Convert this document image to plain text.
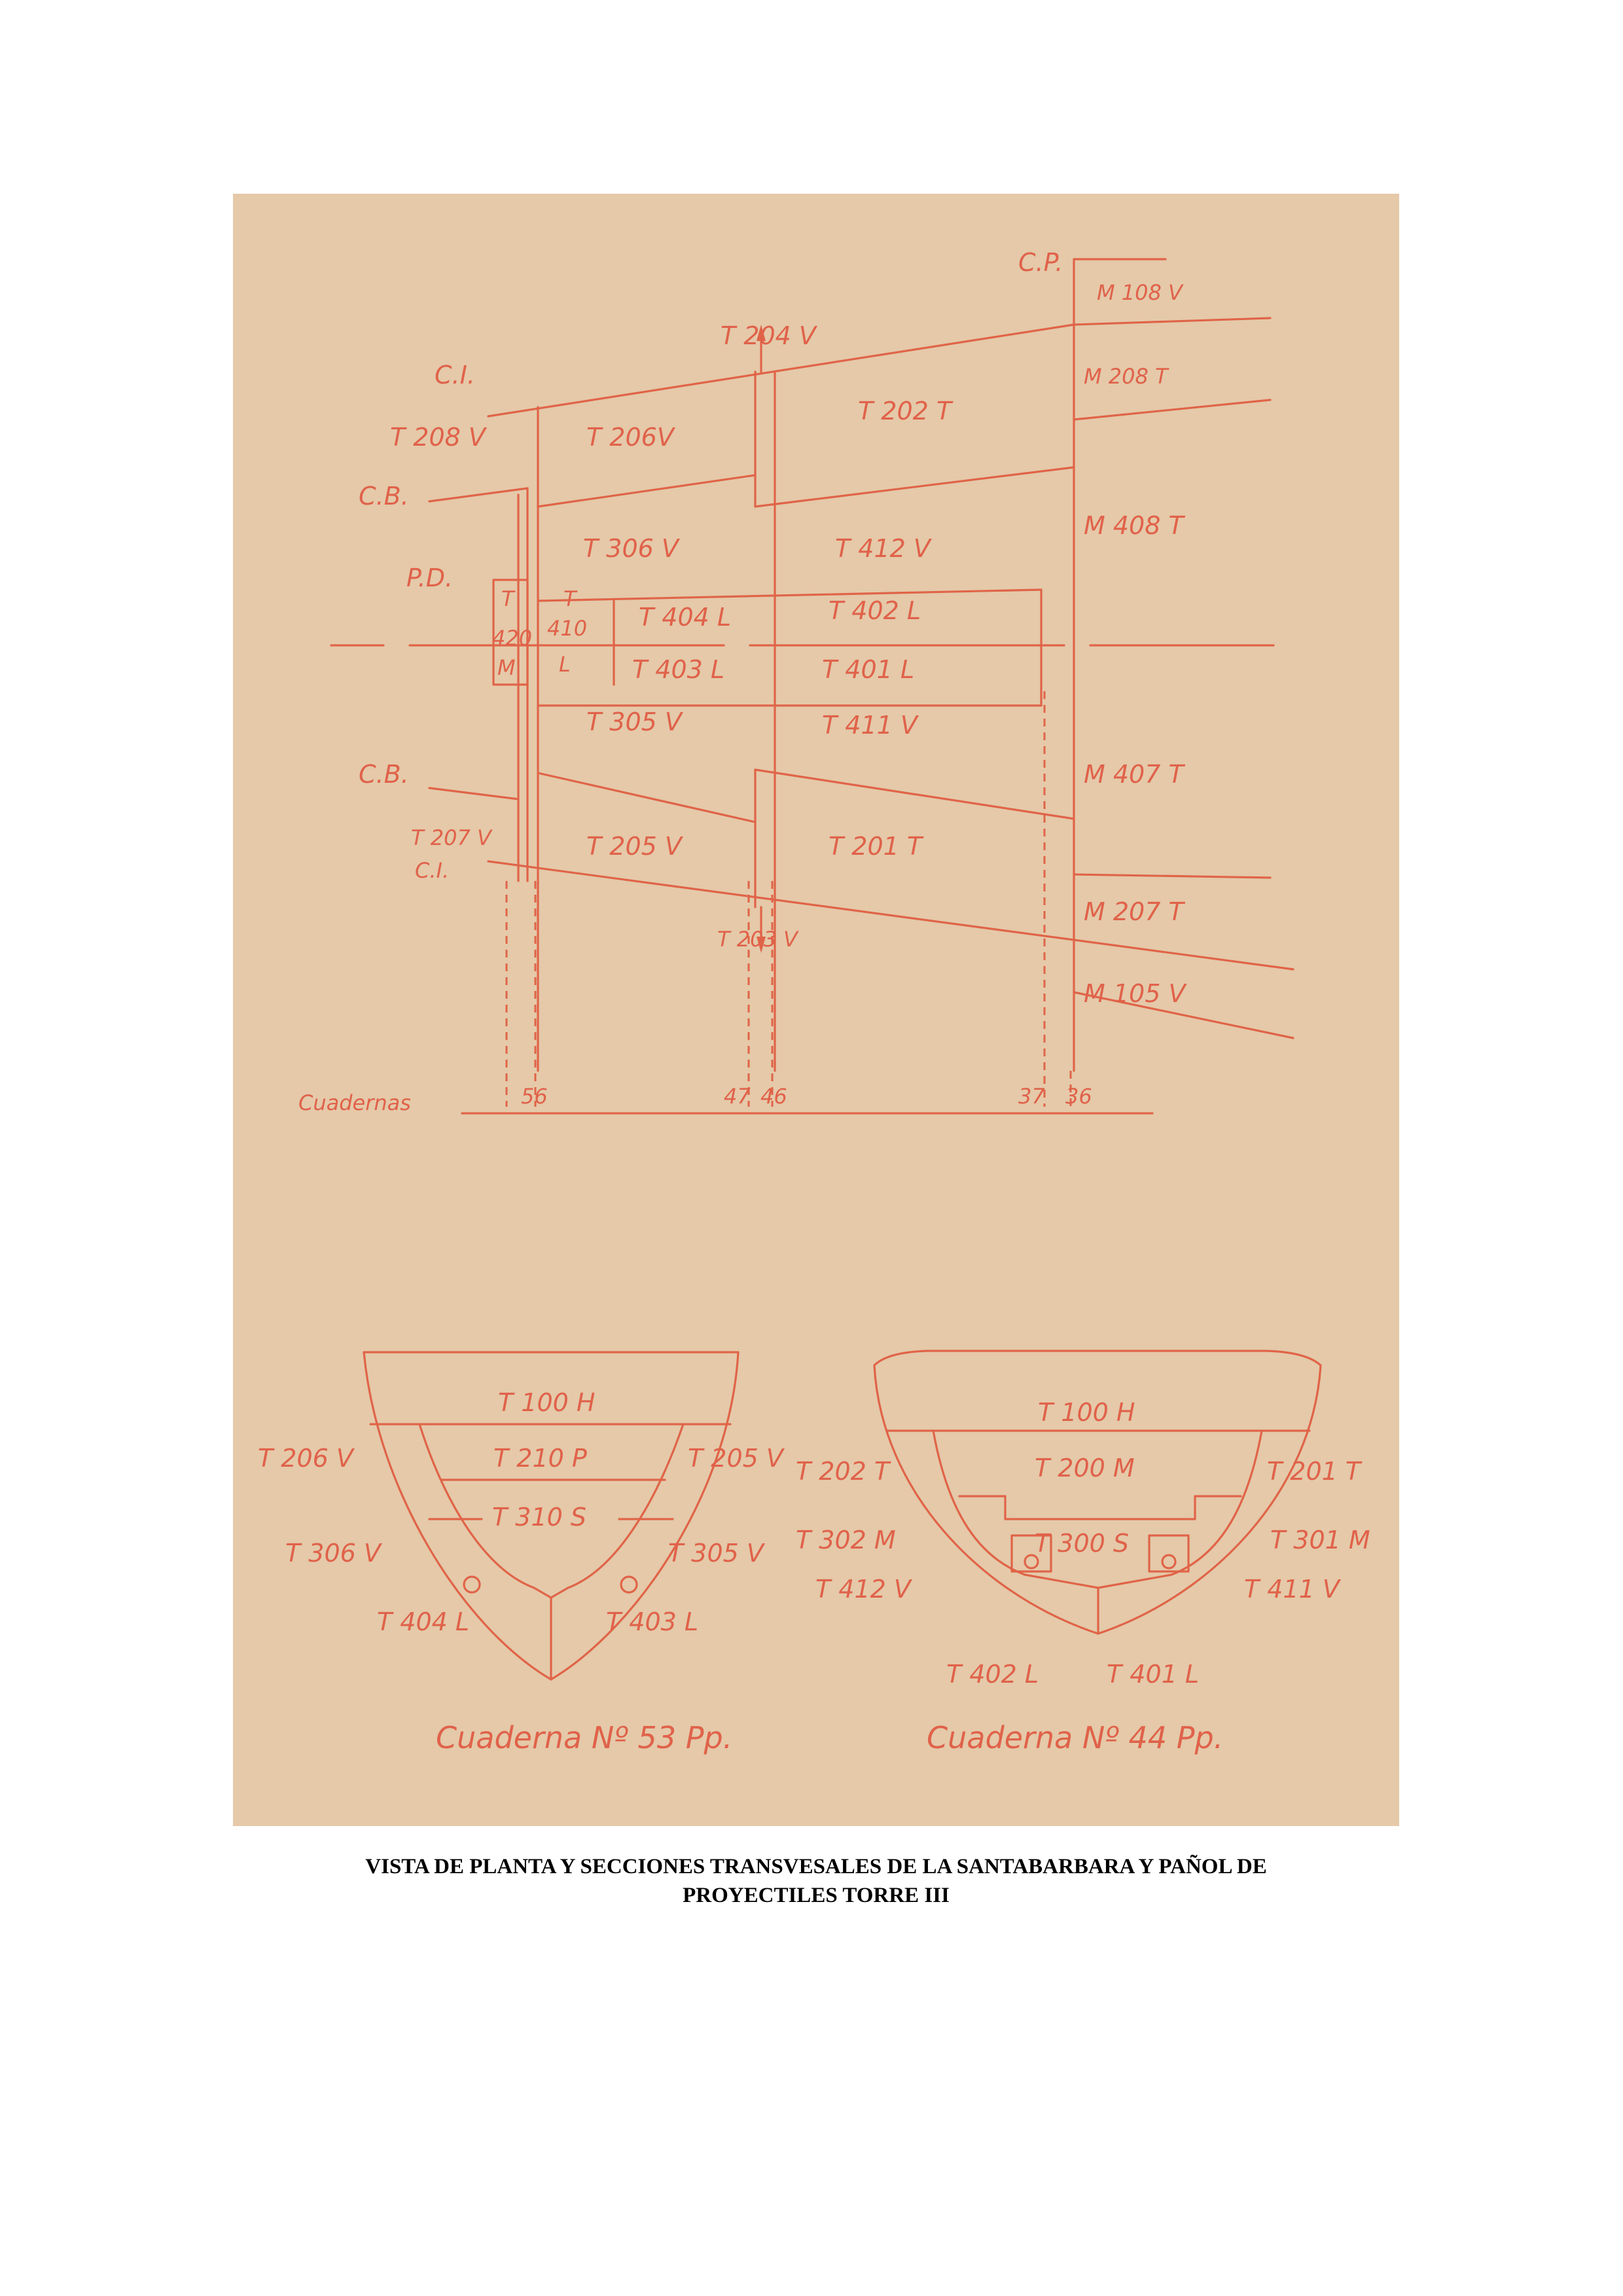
C.P.
M 108 V
M 208 T
M 408 T
M 407 T
M 207 T
M 105 V
T 204 V
T 202 T
C.I.
T 208 V	T 206V
C.B.
P.D.
T 306 V	T 412 V
T
420
M
T
410
L
T 404 L	T 402 L
T 403 L	T 401 L
T 305 V	T 411 V
C.B.
T 207 V	T 205 V	T 201 T
C.I.
T 203 V
Cuadernas	56	47 46	37 36
T 100 H
T 210 P
T 310 S
T 206 V	T 205 V
T 306 V	T 305 V
T 404 L	T 403 L
Cuaderna Nº 53 Pp.
T 100 H
T 200 M
T 300 S
T 202 T	T 201 T
T 302 M	T 301 M
T 412 V	T 411 V
T 402 L	T 401 L
Cuaderna Nº 44 Pp.
VISTA DE PLANTA Y SECCIONES TRANSVESALES DE LA SANTABARBARA Y PAÑOL DE
PROYECTILES TORRE III
